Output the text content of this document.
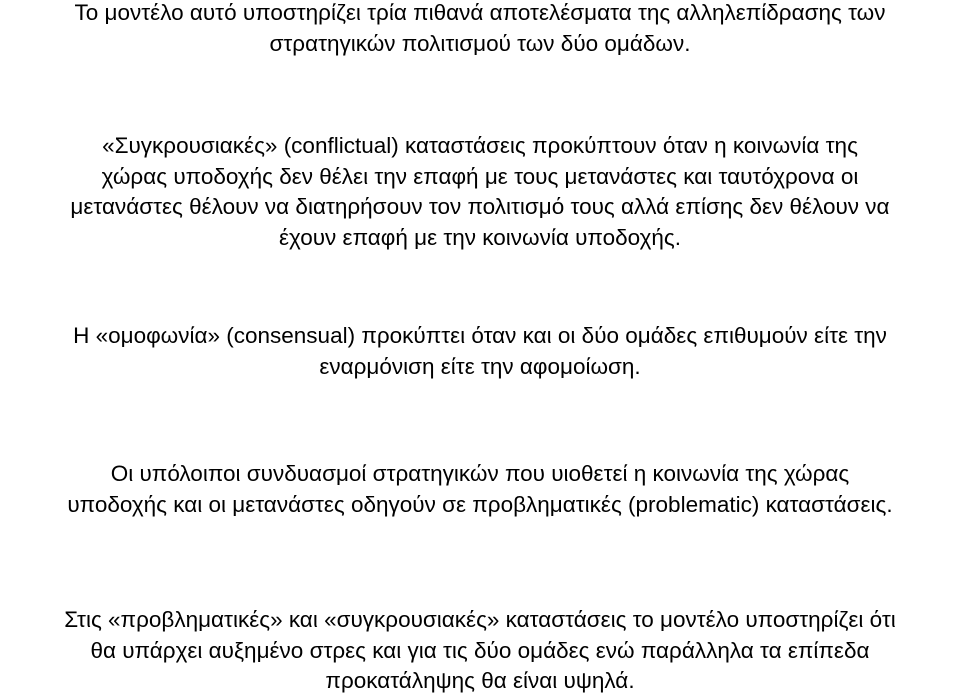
Το μοντέλο αυτό υποστηρίζει τρία πιθανά αποτελέσματα της αλληλεπίδρασης των
στρατηγικών πολιτισμού των δύο ομάδων.

«Συγκρουσιακές» (conflictual) καταστάσεις προκύπτουν όταν η κοινωνία της
χώρας υποδοχής δεν θέλει την επαφή με τους μετανάστες και ταυτόχρονα οι
μετανάστες θέλουν να διατηρήσουν τον πολιτισμό τους αλλά επίσης δεν θέλουν να
έχουν επαφή με την κοινωνία υποδοχής.

Η «ομοφωνία» (consensual) προκύπτει όταν και οι δύο ομάδες επιθυμούν είτε την
εναρμόνιση είτε την αφομοίωση.

Οι υπόλοιποι συνδυασμοί στρατηγικών που υιοθετεί η κοινωνία της χώρας
υποδοχής και οι μετανάστες οδηγούν σε προβληματικές (problematic) καταστάσεις.

Στις «προβληματικές» και «συγκρουσιακές» καταστάσεις το μοντέλο υποστηρίζει ότι
θα υπάρχει αυξημένο στρες και για τις δύο ομάδες ενώ παράλληλα τα επίπεδα
προκατάληψης θα είναι υψηλά.
